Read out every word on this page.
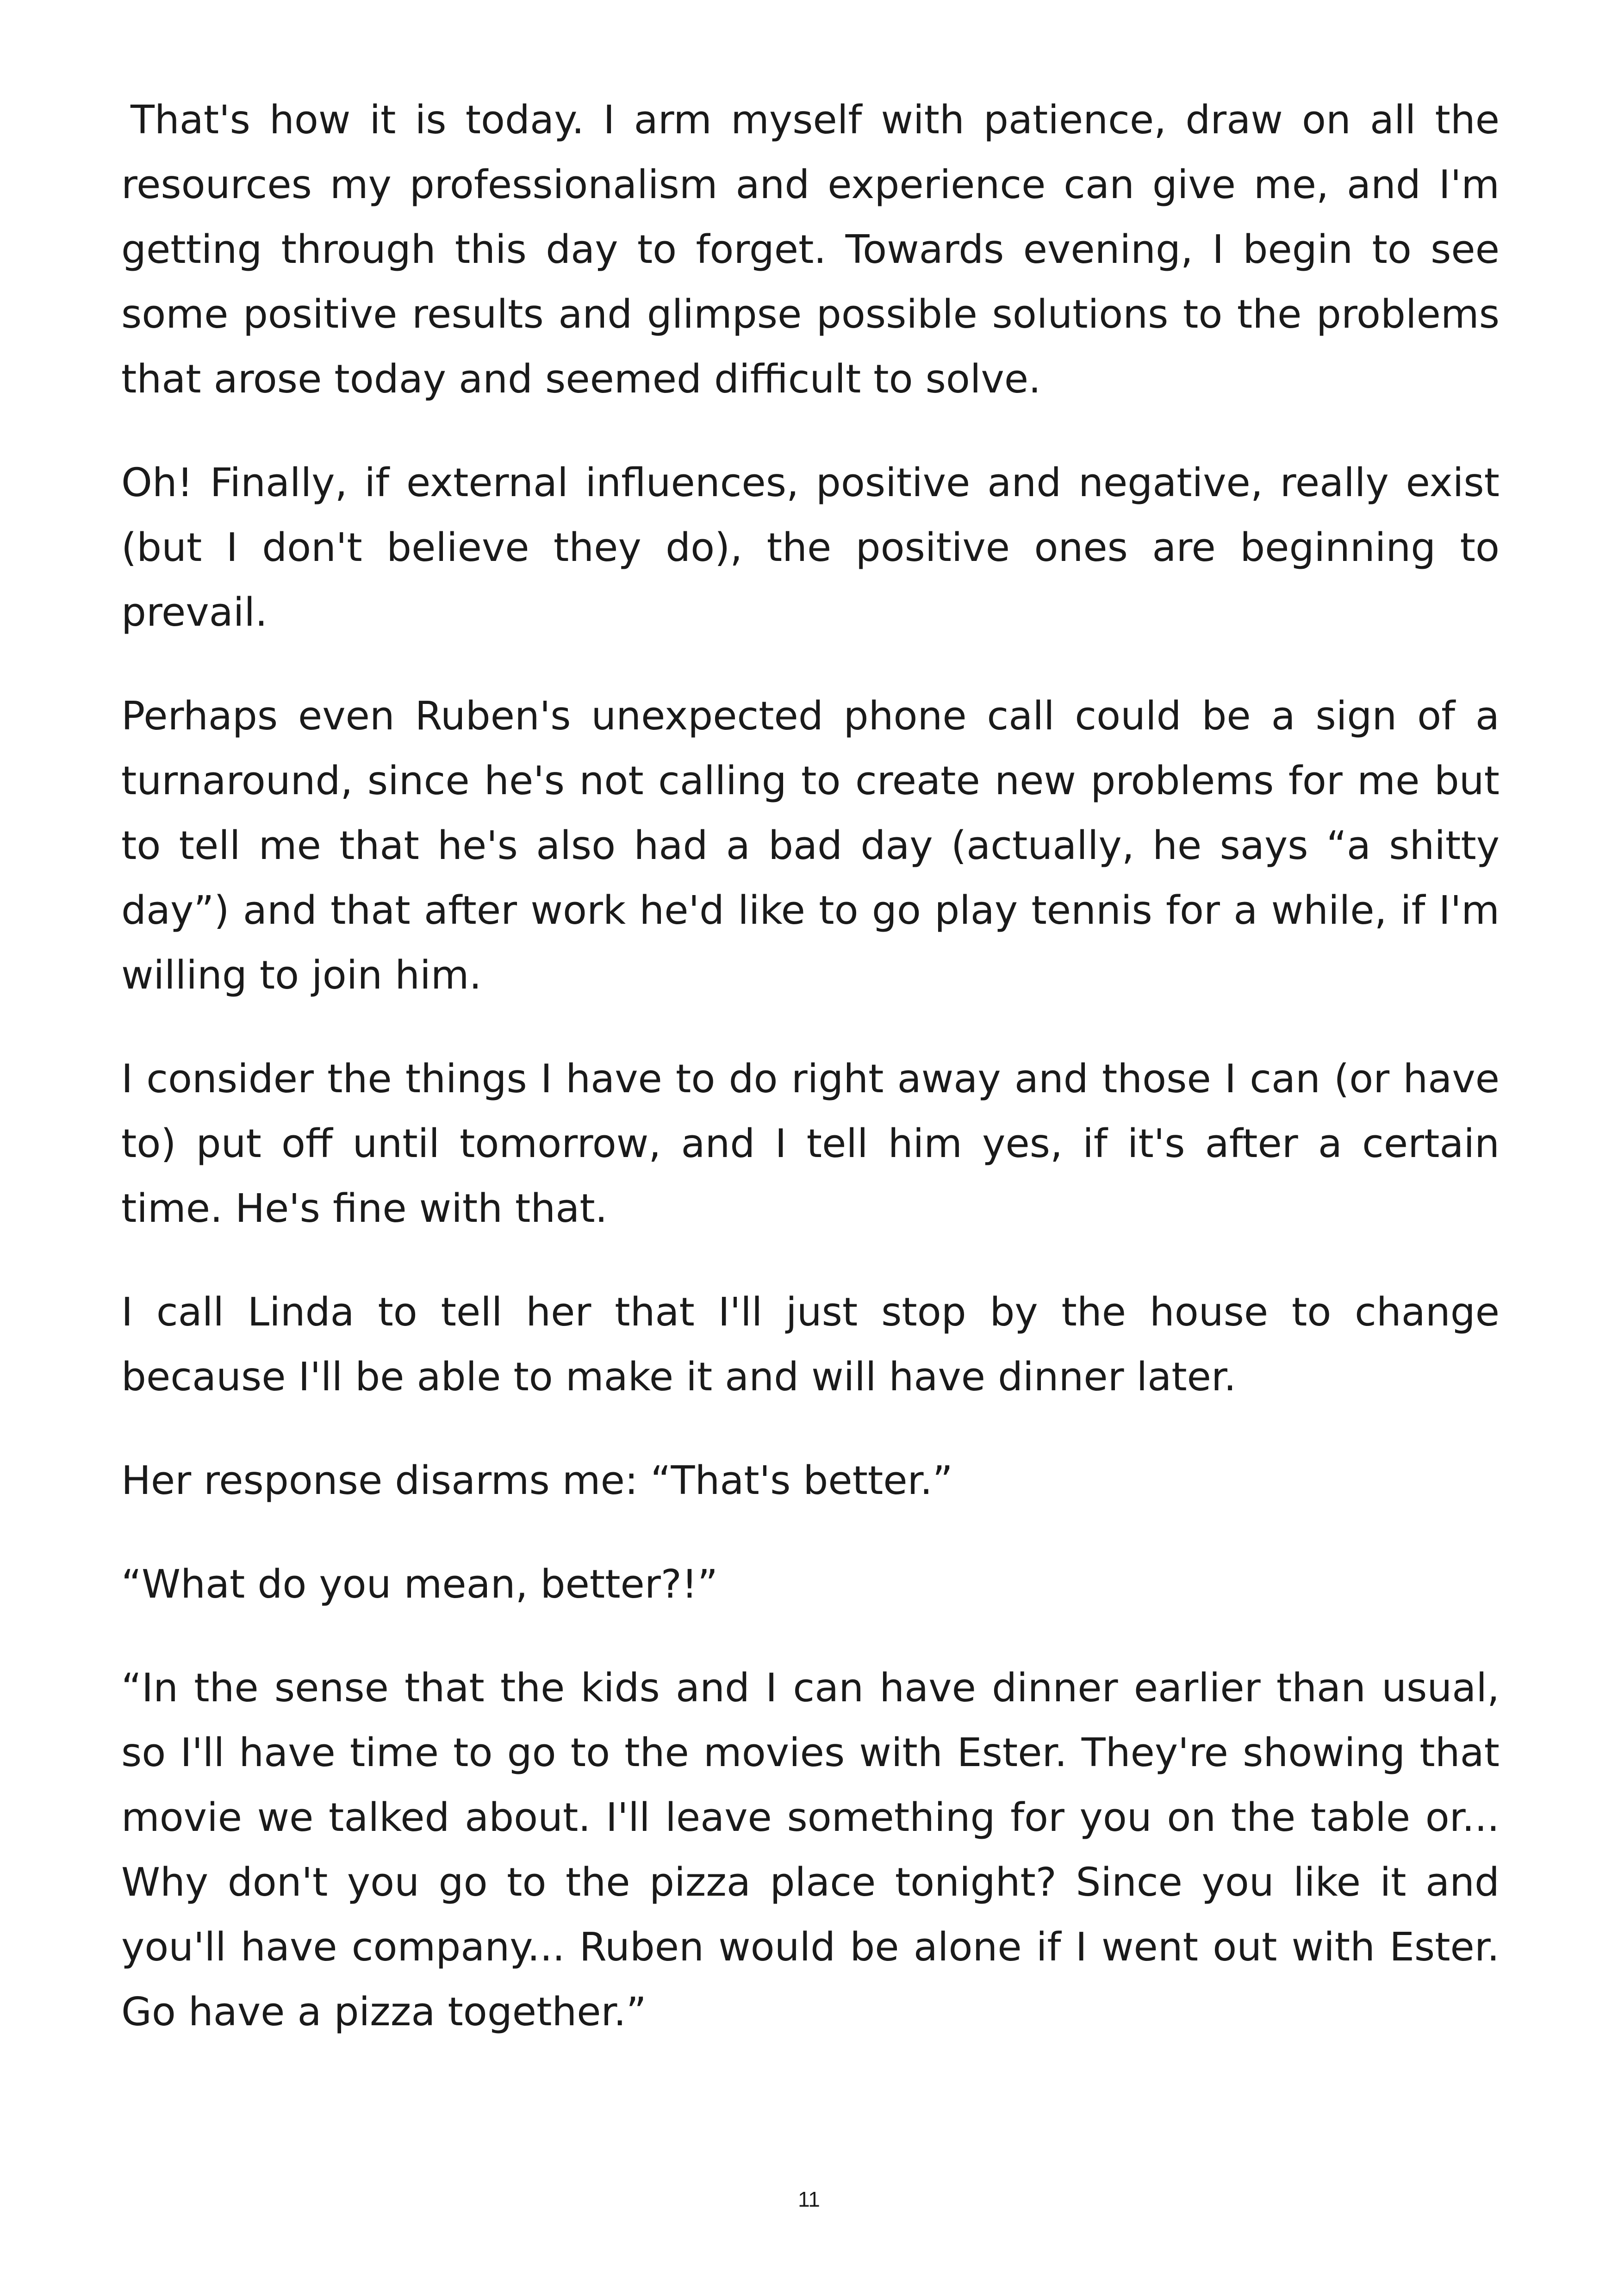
That's how it is today. I arm myself with patience, draw on all the resources my professionalism and experience can give me, and I'm getting through this day to forget. Towards evening, I begin to see some positive results and glimpse possible solutions to the problems that arose today and seemed difficult to solve.

Oh! Finally, if external influences, positive and negative, really exist (but I don't believe they do), the positive ones are beginning to prevail.

Perhaps even Ruben's unexpected phone call could be a sign of a turnaround, since he's not calling to create new problems for me but to tell me that he's also had a bad day (actually, he says “a shitty day”) and that after work he'd like to go play tennis for a while, if I'm willing to join him.

I consider the things I have to do right away and those I can (or have to) put off until tomorrow, and I tell him yes, if it's after a certain time. He's fine with that.

I call Linda to tell her that I'll just stop by the house to change because I'll be able to make it and will have dinner later.

Her response disarms me: “That's better.”

“What do you mean, better?!”

“In the sense that the kids and I can have dinner earlier than usual, so I'll have time to go to the movies with Ester. They're showing that movie we talked about. I'll leave something for you on the table or... Why don't you go to the pizza place tonight? Since you like it and you'll have company... Ruben would be alone if I went out with Ester. Go have a pizza together.”

11
